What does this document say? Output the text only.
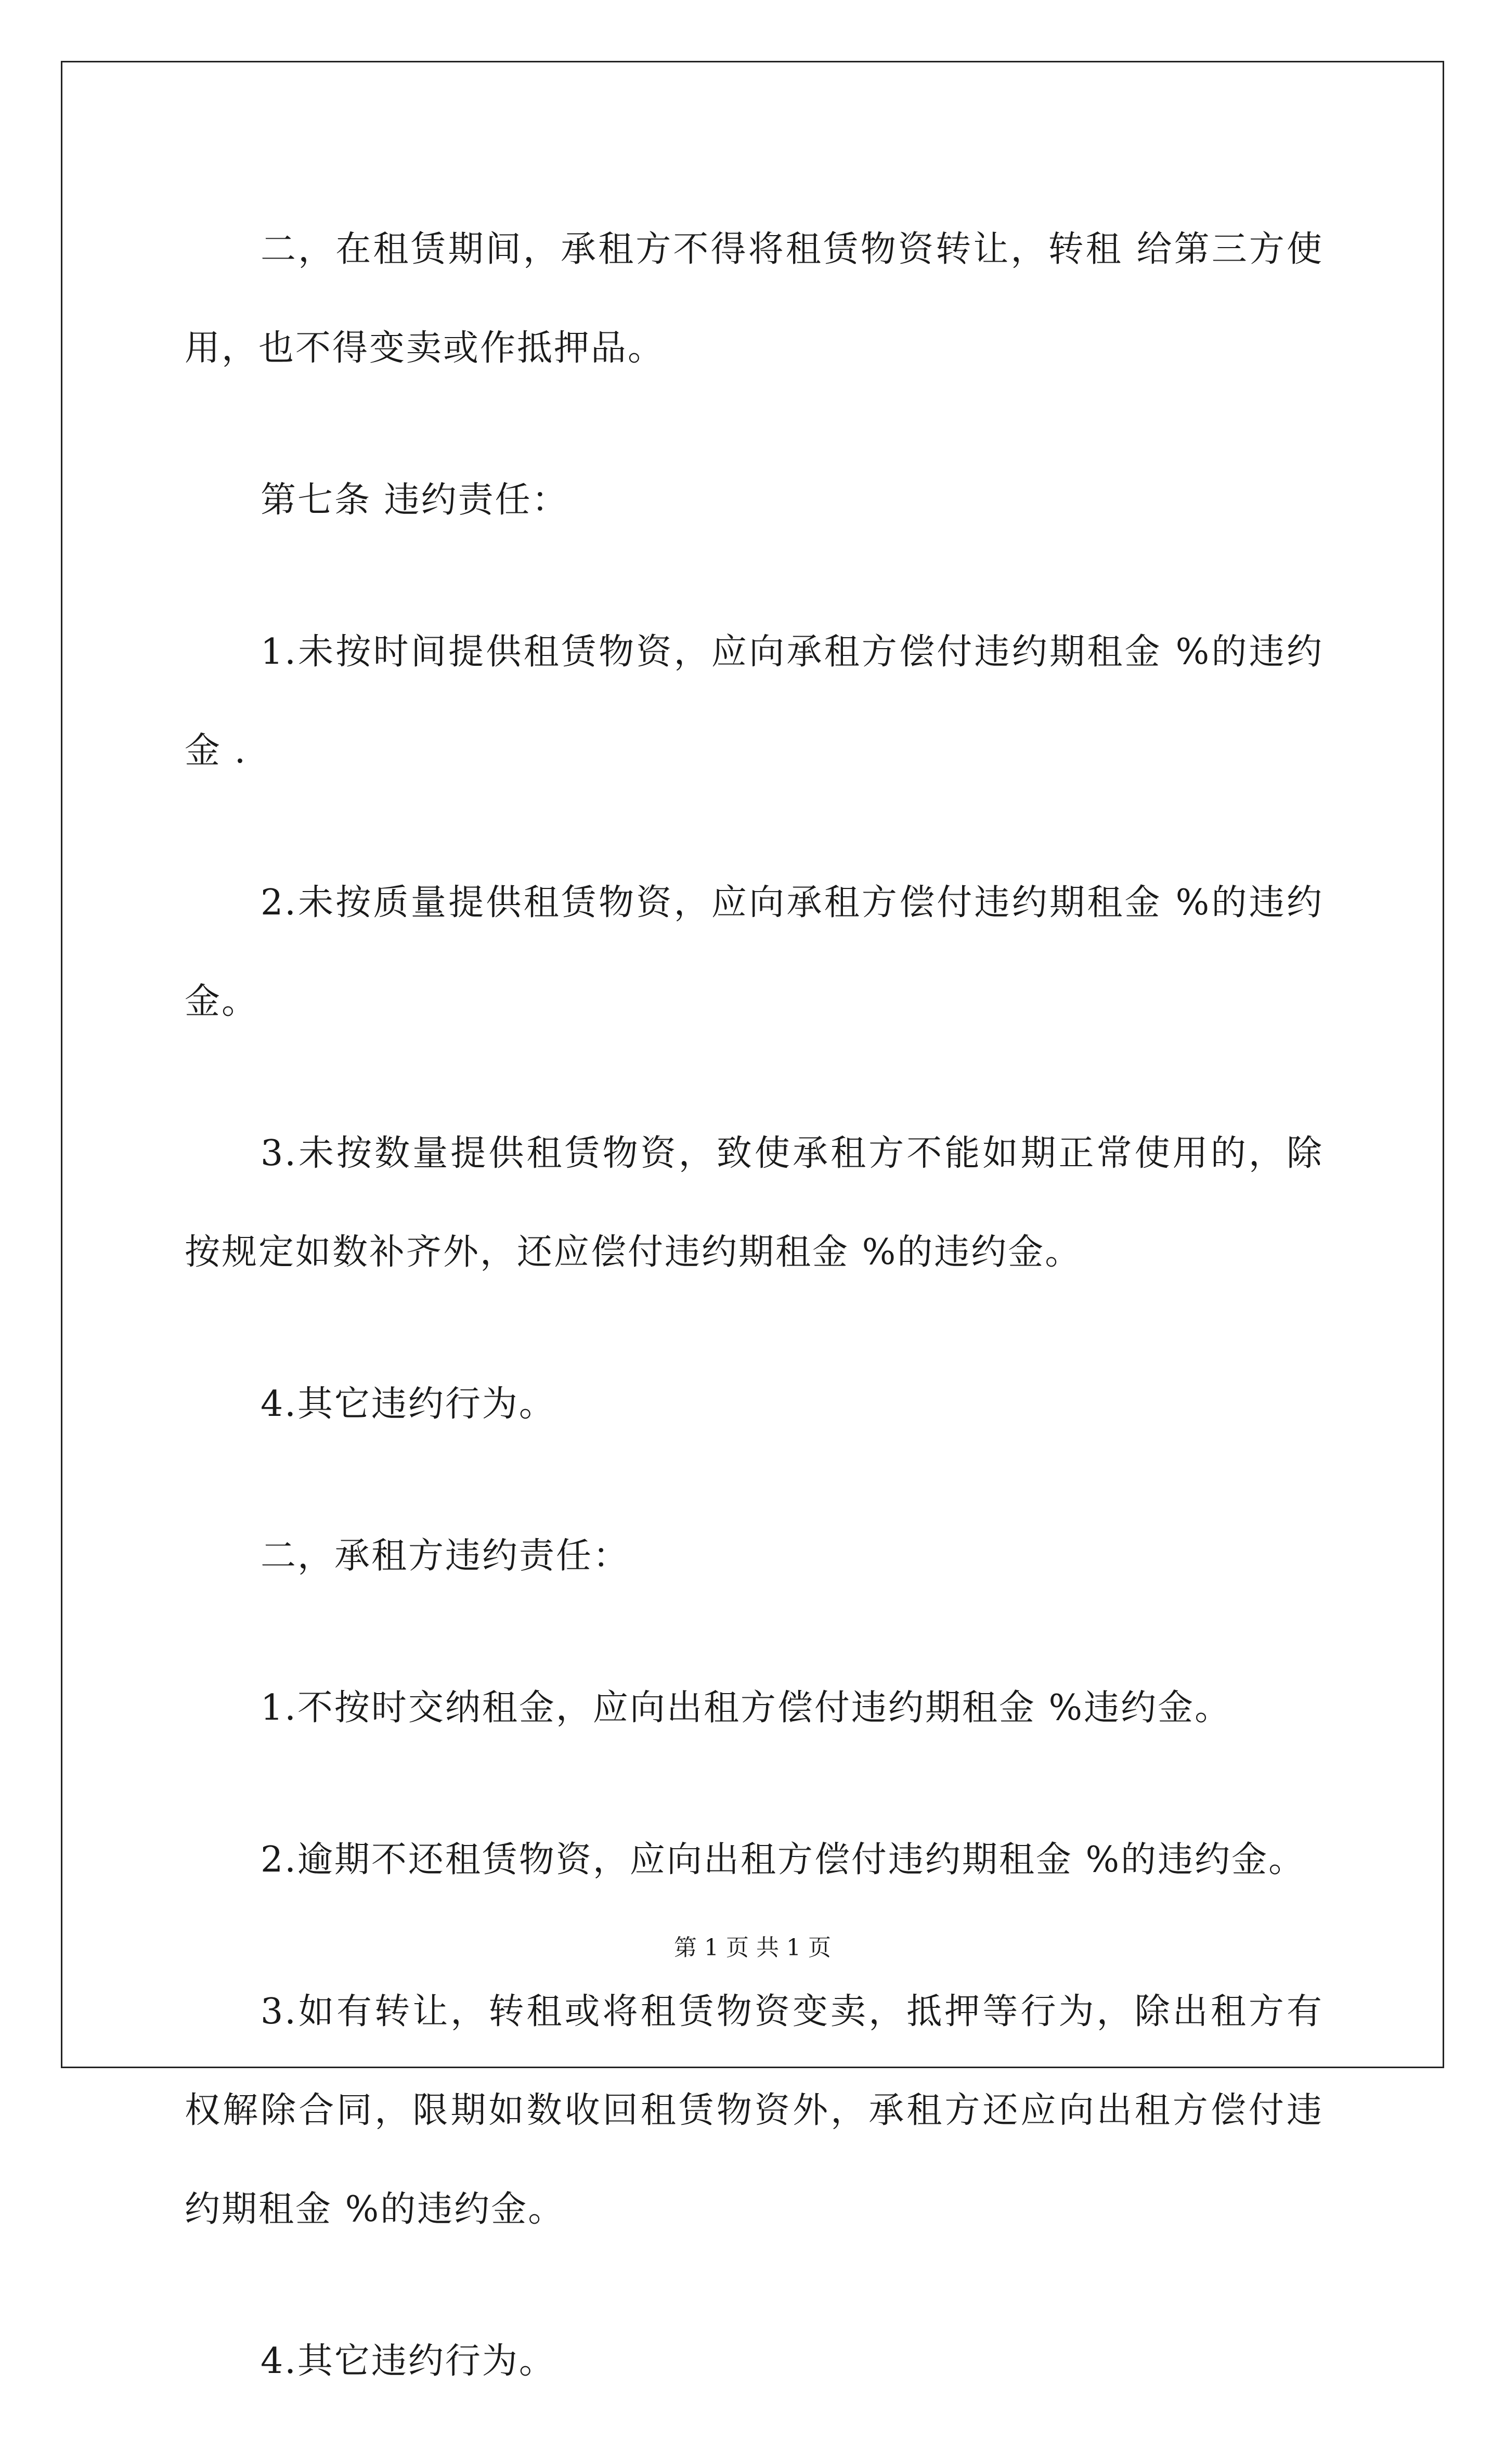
二，在租赁期间，承租方不得将租赁物资转让，转租 给第三方使用，也不得变卖或作抵押品。

第七条 违约责任：

1.未按时间提供租赁物资，应向承租方偿付违约期租金 %的违约金 .

2.未按质量提供租赁物资，应向承租方偿付违约期租金 %的违约金。

3.未按数量提供租赁物资，致使承租方不能如期正常使用的，除按规定如数补齐外，还应偿付违约期租金 %的违约金。

4.其它违约行为。

二，承租方违约责任：

1.不按时交纳租金，应向出租方偿付违约期租金 %违约金。

2.逾期不还租赁物资，应向出租方偿付违约期租金 %的违约金。

3.如有转让，转租或将租赁物资变卖，抵押等行为，除出租方有权解除合同，限期如数收回租赁物资外，承租方还应向出租方偿付违约期租金 %的违约金。

4.其它违约行为。

第 1 页 共 1 页
